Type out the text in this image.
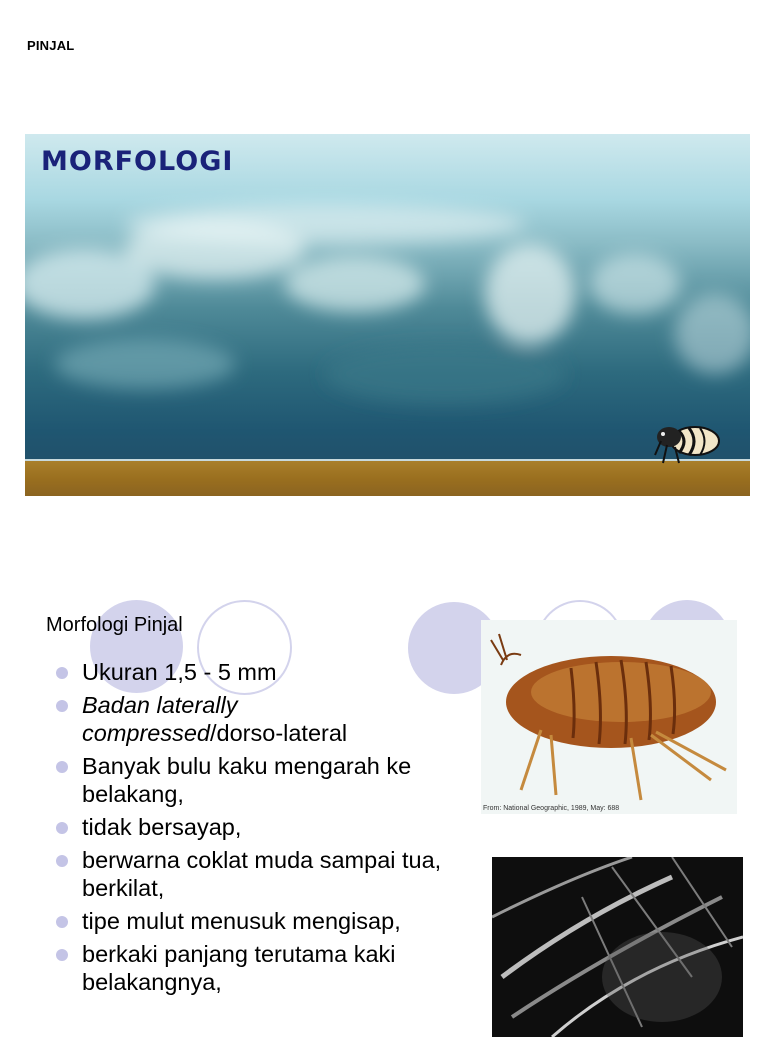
PINJAL
MORFOLOGI
Morfologi Pinjal
Ukuran 1,5 - 5 mm
Badan laterally compressed/dorso-lateral
Banyak bulu kaku mengarah ke belakang,
tidak bersayap,
berwarna coklat muda sampai tua, berkilat,
tipe mulut menusuk mengisap,
berkaki panjang terutama kaki belakangnya,
From: National Geographic, 1989, May: 688
